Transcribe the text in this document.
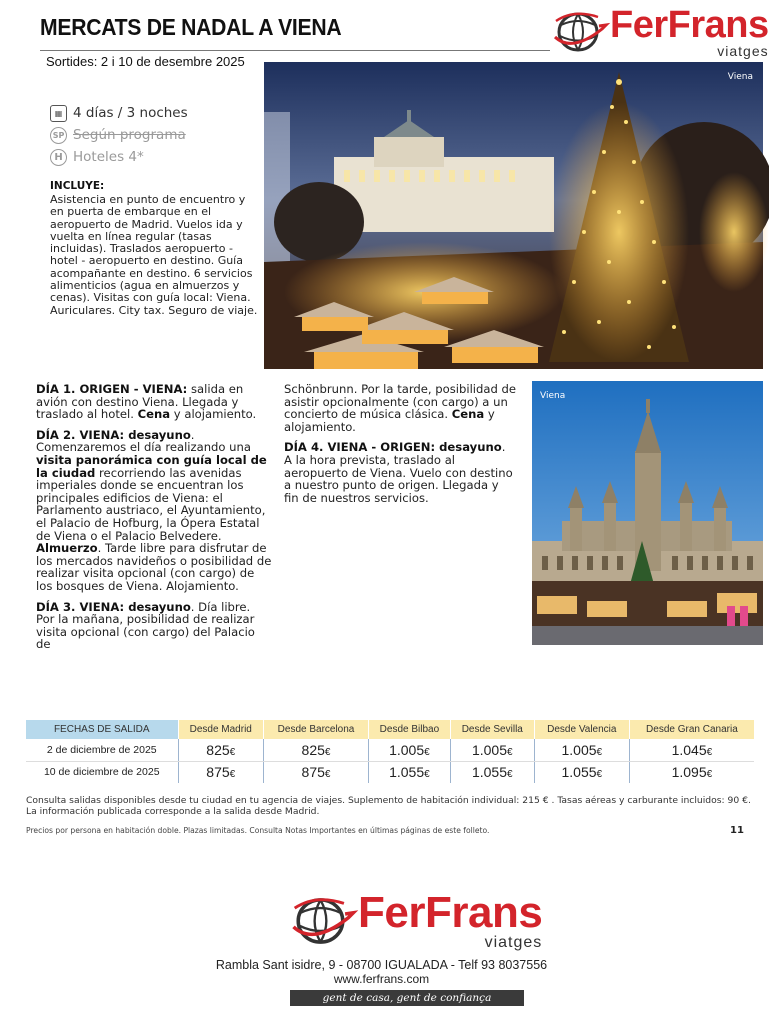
MERCATS DE NADAL A VIENA
Sortides: 2 i 10 de desembre 2025
FerFrans
viatges
▦ 4 días / 3 noches
SP Según programa
H Hoteles 4*
INCLUYE:
Asistencia en punto de encuentro y en puerta de embarque en el aeropuerto de Madrid. Vuelos ida y vuelta en línea regular (tasas incluidas). Traslados aeropuerto - hotel - aeropuerto en destino. Guía acompañante en destino. 6 servicios alimenticios (agua en almuerzos y cenas). Visitas con guía local: Viena. Auriculares. City tax. Seguro de viaje.
Viena

DÍA 1. ORIGEN - VIENA: salida en avión con destino Viena. Llegada y traslado al hotel. Cena y alojamiento.

DÍA 2. VIENA: desayuno. Comenzaremos el día realizando una visita panorámica con guía local de la ciudad recorriendo las avenidas imperiales donde se encuentran los principales edificios de Viena: el Parlamento austriaco, el Ayuntamiento, el Palacio de Hofburg, la Ópera Estatal de Viena o el Palacio Belvedere. Almuerzo. Tarde libre para disfrutar de los mercados navideños o posibilidad de realizar visita opcional (con cargo) de los bosques de Viena. Alojamiento.

DÍA 3. VIENA: desayuno. Día libre. Por la mañana, posibilidad de realizar visita opcional (con cargo) del Palacio de

Schönbrunn. Por la tarde, posibilidad de asistir opcionalmente (con cargo) a un concierto de música clásica. Cena y alojamiento.

DÍA 4. VIENA - ORIGEN: desayuno. A la hora prevista, traslado al aeropuerto de Viena. Vuelo con destino a nuestro punto de origen. Llegada y fin de nuestros servicios.

Viena
FECHAS DE SALIDA	Desde Madrid	Desde Barcelona	Desde Bilbao	Desde Sevilla	Desde Valencia	Desde Gran Canaria
2 de diciembre de 2025	825€	825€	1.005€	1.005€	1.005€	1.045€
10 de diciembre de 2025	875€	875€	1.055€	1.055€	1.055€	1.095€
Consulta salidas disponibles desde tu ciudad en tu agencia de viajes. Suplemento de habitación individual: 215 € . Tasas aéreas y carburante incluidos: 90 €.
La información publicada corresponde a la salida desde Madrid.
Precios por persona en habitación doble. Plazas limitadas. Consulta Notas Importantes en últimas páginas de este folleto.	11
FerFrans
viatges
Rambla Sant isidre, 9 - 08700 IGUALADA - Telf 93 8037556
www.ferfrans.com
gent de casa, gent de confiança
